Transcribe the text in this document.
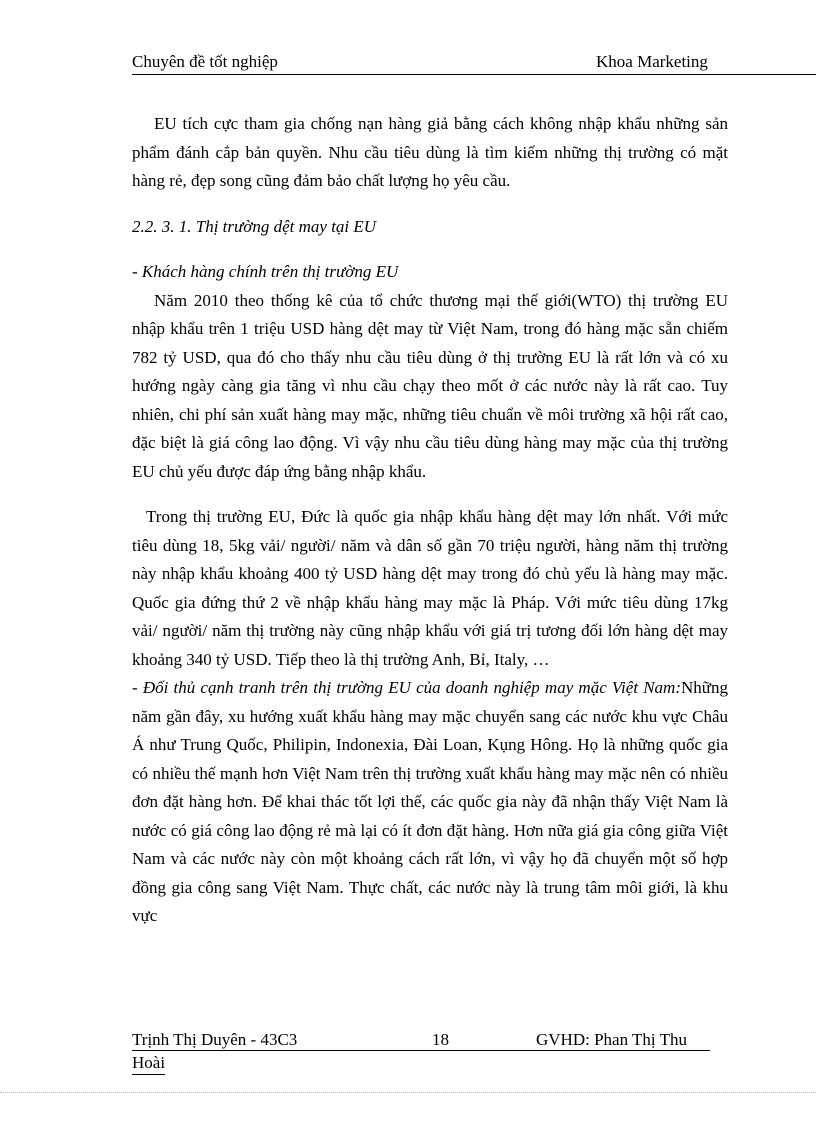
Chuyên đề tốt nghiệp	Khoa Marketing

EU tích cực tham gia chống nạn hàng giả bằng cách không nhập khẩu những sản phẩm đánh cắp bản quyền. Nhu cầu tiêu dùng là tìm kiếm những thị trường có mặt hàng rẻ, đẹp song cũng đảm bảo chất lượng họ yêu cầu.

2.2. 3. 1. Thị trường dệt may tại EU

- Khách hàng chính trên thị trường EU

Năm 2010 theo thống kê của tổ chức thương mại thế giới(WTO) thị trường EU nhập khẩu trên 1 triệu USD hàng dệt may từ Việt Nam, trong đó hàng mặc sẵn chiếm 782 tỷ USD, qua đó cho thấy nhu cầu tiêu dùng ở thị trường EU là rất lớn và có xu hướng ngày càng gia tăng vì nhu cầu chạy theo mốt ở các nước này là rất cao. Tuy nhiên, chi phí sản xuất hàng may mặc, những tiêu chuẩn về môi trường xã hội rất cao, đặc biệt là giá công lao động. Vì vậy nhu cầu tiêu dùng hàng may mặc của thị trường EU chủ yếu được đáp ứng bằng nhập khẩu.

Trong thị trường EU, Đức là quốc gia nhập khẩu hàng dệt may lớn nhất. Với mức tiêu dùng 18, 5kg vải/ người/ năm và dân số gần 70 triệu người, hàng năm thị trường này nhập khẩu khoảng 400 tỷ USD hàng dệt may trong đó chủ yếu là hàng may mặc. Quốc gia đứng thứ 2 về nhập khẩu hàng may mặc là Pháp. Với mức tiêu dùng 17kg vải/ người/ năm thị trường này cũng nhập khẩu với giá trị tương đối lớn hàng dệt may khoảng 340 tỷ USD. Tiếp theo là thị trường Anh, Bỉ, Italy, …

- Đối thủ cạnh tranh trên thị trường EU của doanh nghiệp may mặc Việt Nam:Những năm gần đây, xu hướng xuất khẩu hàng may mặc chuyển sang các nước khu vực Châu Á như Trung Quốc, Philipin, Indonexia, Đài Loan, Kụng Hông. Họ là những quốc gia có nhiều thế mạnh hơn Việt Nam trên thị trường xuất khẩu hàng may mặc nên có nhiều đơn đặt hàng hơn. Để khai thác tốt lợi thế, các quốc gia này đã nhận thấy Việt Nam là nước có giá công lao động rẻ mà lại có ít đơn đặt hàng. Hơn nữa giá gia công giữa Việt Nam và các nước này còn một khoảng cách rất lớn, vì vậy họ đã chuyển một số hợp đồng gia công sang Việt Nam. Thực chất, các nước này là trung tâm môi giới, là khu vực

Trịnh Thị Duyên - 43C3	18	GVHD: Phan Thị Thu
Hoài
